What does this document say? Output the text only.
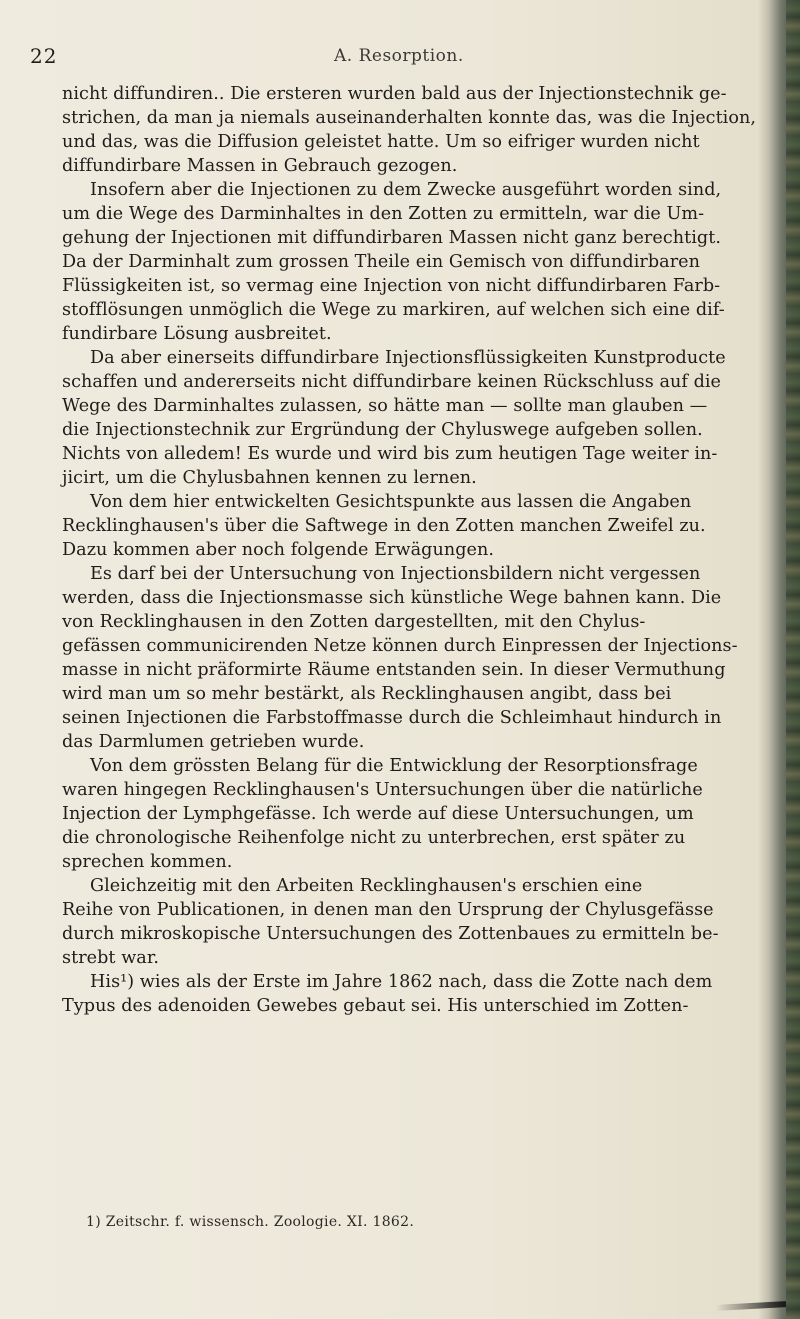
22	A. Resorption.
nicht diffundiren.. Die ersteren wurden bald aus der Injectionstechnik ge-
strichen, da man ja niemals auseinanderhalten konnte das, was die Injection,
und das, was die Diffusion geleistet hatte. Um so eifriger wurden nicht
diffundirbare Massen in Gebrauch gezogen.
Insofern aber die Injectionen zu dem Zwecke ausgeführt worden sind,
um die Wege des Darminhaltes in den Zotten zu ermitteln, war die Um-
gehung der Injectionen mit diffundirbaren Massen nicht ganz berechtigt.
Da der Darminhalt zum grossen Theile ein Gemisch von diffundirbaren
Flüssigkeiten ist, so vermag eine Injection von nicht diffundirbaren Farb-
stofflösungen unmöglich die Wege zu markiren, auf welchen sich eine dif-
fundirbare Lösung ausbreitet.
Da aber einerseits diffundirbare Injectionsflüssigkeiten Kunstproducte
schaffen und andererseits nicht diffundirbare keinen Rückschluss auf die
Wege des Darminhaltes zulassen, so hätte man — sollte man glauben —
die Injectionstechnik zur Ergründung der Chyluswege aufgeben sollen.
Nichts von alledem! Es wurde und wird bis zum heutigen Tage weiter in-
jicirt, um die Chylusbahnen kennen zu lernen.
Von dem hier entwickelten Gesichtspunkte aus lassen die Angaben
Recklinghausen's über die Saftwege in den Zotten manchen Zweifel zu.
Dazu kommen aber noch folgende Erwägungen.
Es darf bei der Untersuchung von Injectionsbildern nicht vergessen
werden, dass die Injectionsmasse sich künstliche Wege bahnen kann. Die
von Recklinghausen in den Zotten dargestellten, mit den Chylus-
gefässen communicirenden Netze können durch Einpressen der Injections-
masse in nicht präformirte Räume entstanden sein. In dieser Vermuthung
wird man um so mehr bestärkt, als Recklinghausen angibt, dass bei
seinen Injectionen die Farbstoffmasse durch die Schleimhaut hindurch in
das Darmlumen getrieben wurde.
Von dem grössten Belang für die Entwicklung der Resorptionsfrage
waren hingegen Recklinghausen's Untersuchungen über die natürliche
Injection der Lymphgefässe. Ich werde auf diese Untersuchungen, um
die chronologische Reihenfolge nicht zu unterbrechen, erst später zu
sprechen kommen.
Gleichzeitig mit den Arbeiten Recklinghausen's erschien eine
Reihe von Publicationen, in denen man den Ursprung der Chylusgefässe
durch mikroskopische Untersuchungen des Zottenbaues zu ermitteln be-
strebt war.
His¹) wies als der Erste im Jahre 1862 nach, dass die Zotte nach dem
Typus des adenoiden Gewebes gebaut sei. His unterschied im Zotten-
1) Zeitschr. f. wissensch. Zoologie. XI. 1862.
